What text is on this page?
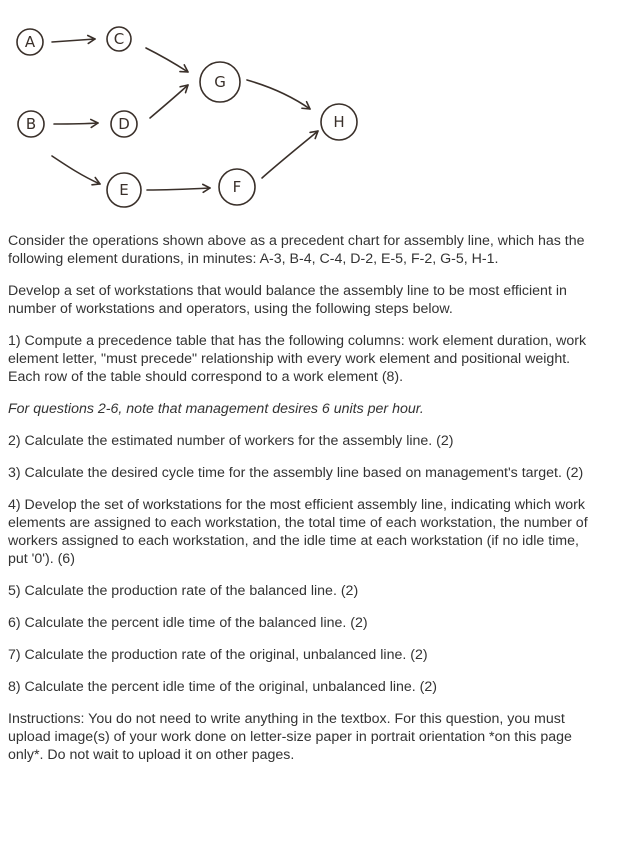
A	C
B	D
G
H
E	F

Consider the operations shown above as a precedent chart for assembly line, which has the following element durations, in minutes: A-3, B-4, C-4, D-2, E-5, F-2, G-5, H-1.

Develop a set of workstations that would balance the assembly line to be most efficient in number of workstations and operators, using the following steps below.

1) Compute a precedence table that has the following columns: work element duration, work element letter, "must precede" relationship with every work element and positional weight. Each row of the table should correspond to a work element (8).

For questions 2-6, note that management desires 6 units per hour.

2) Calculate the estimated number of workers for the assembly line. (2)

3) Calculate the desired cycle time for the assembly line based on management's target. (2)

4) Develop the set of workstations for the most efficient assembly line, indicating which work elements are assigned to each workstation, the total time of each workstation, the number of workers assigned to each workstation, and the idle time at each workstation (if no idle time, put '0'). (6)

5) Calculate the production rate of the balanced line. (2)

6) Calculate the percent idle time of the balanced line. (2)

7) Calculate the production rate of the original, unbalanced line. (2)

8) Calculate the percent idle time of the original, unbalanced line. (2)

Instructions: You do not need to write anything in the textbox. For this question, you must upload image(s) of your work done on letter-size paper in portrait orientation *on this page only*. Do not wait to upload it on other pages.
